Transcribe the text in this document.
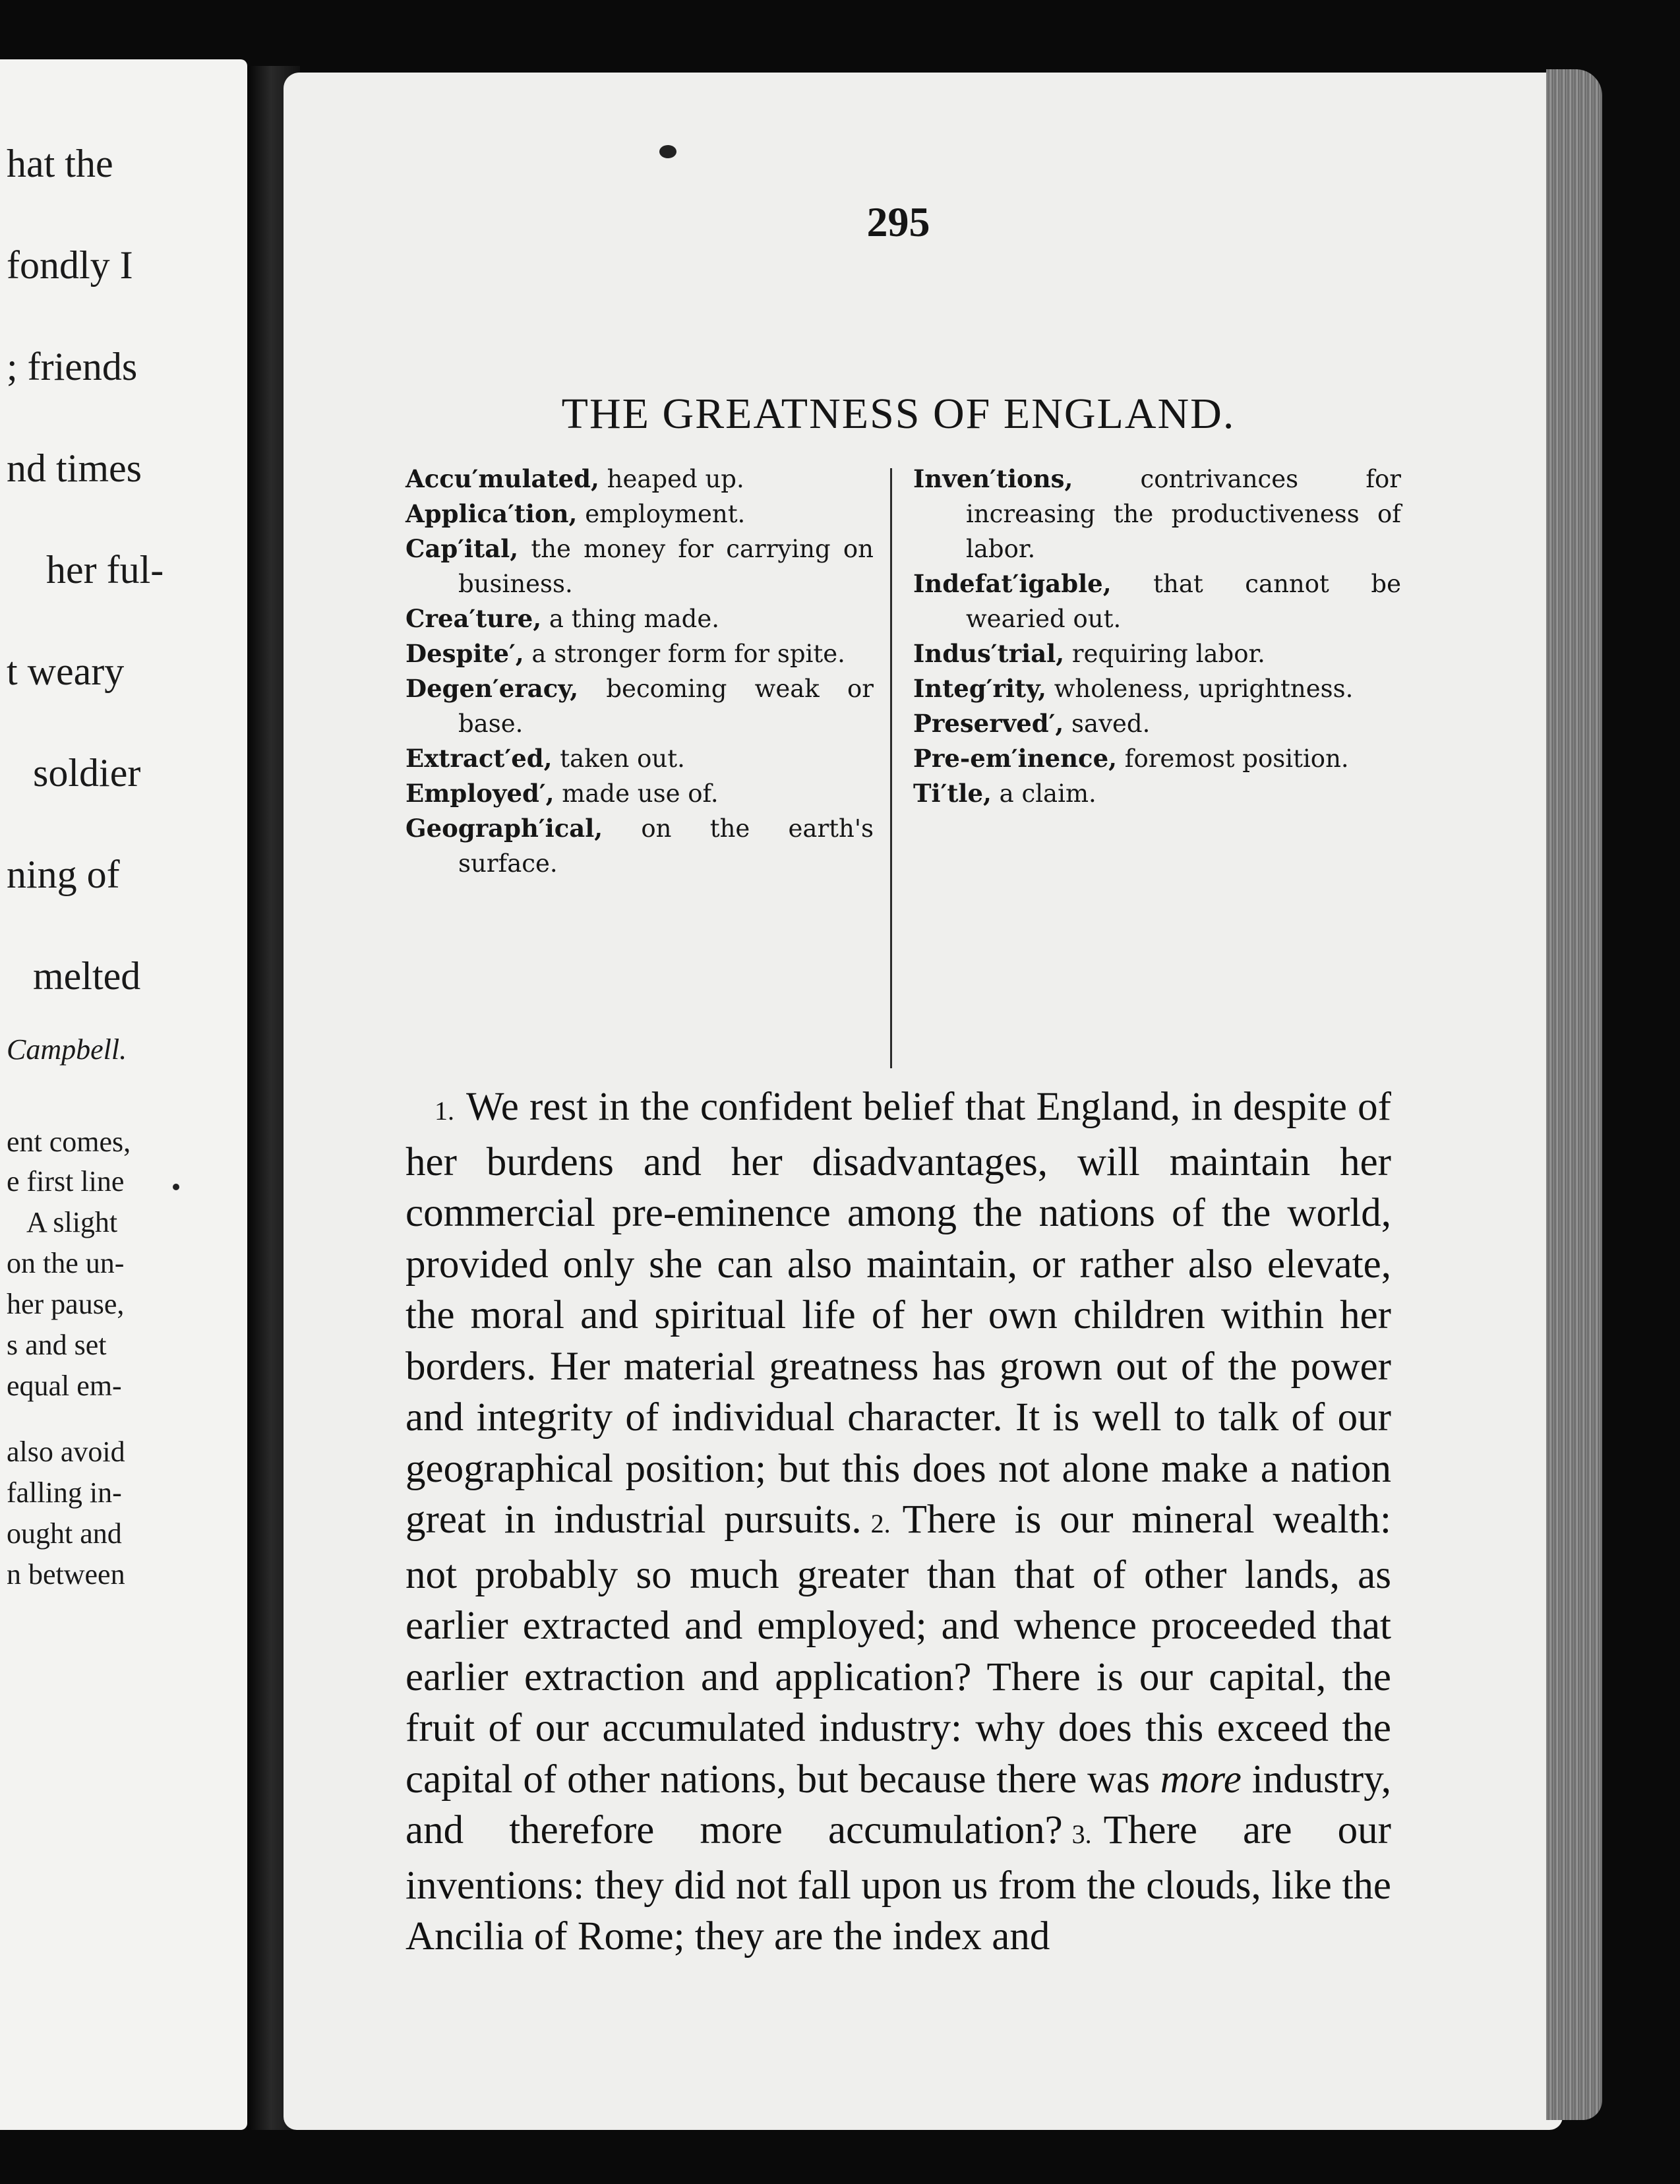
hat the
fondly I
; friends
nd times
her ful-
t weary
soldier
ning of
melted
Campbell.
ent comes,
e first line
A slight
on the un-
her pause,
s and set
equal em-
also avoid
falling in-
ought and
n between
295
THE GREATNESS OF ENGLAND.
Accu′mulated, heaped up.
Applica′tion, employment.
Cap′ital, the money for carrying on business.
Crea′ture, a thing made.
Despite′, a stronger form for spite.
Degen′eracy, becoming weak or base.
Extract′ed, taken out.
Employed′, made use of.
Geograph′ical, on the earth's surface.
Inven′tions, contrivances for increasing the productiveness of labor.
Indefat′igable, that cannot be wearied out.
Indus′trial, requiring labor.
Integ′rity, wholeness, uprightness.
Preserved′, saved.
Pre-em′inence, foremost position.
Ti′tle, a claim.
1. We rest in the confident belief that England, in despite of her burdens and her disadvantages, will maintain her commercial pre-eminence among the nations of the world, provided only she can also maintain, or rather also elevate, the moral and spiritual life of her own children within her borders. Her material greatness has grown out of the power and integrity of individual character. It is well to talk of our geographical position; but this does not alone make a nation great in industrial pursuits. 2. There is our mineral wealth: not probably so much greater than that of other lands, as earlier extracted and employed; and whence proceeded that earlier extraction and application? There is our capital, the fruit of our accumulated industry: why does this exceed the capital of other nations, but because there was more industry, and therefore more accumulation? 3. There are our inventions: they did not fall upon us from the clouds, like the Ancilia of Rome; they are the index and
